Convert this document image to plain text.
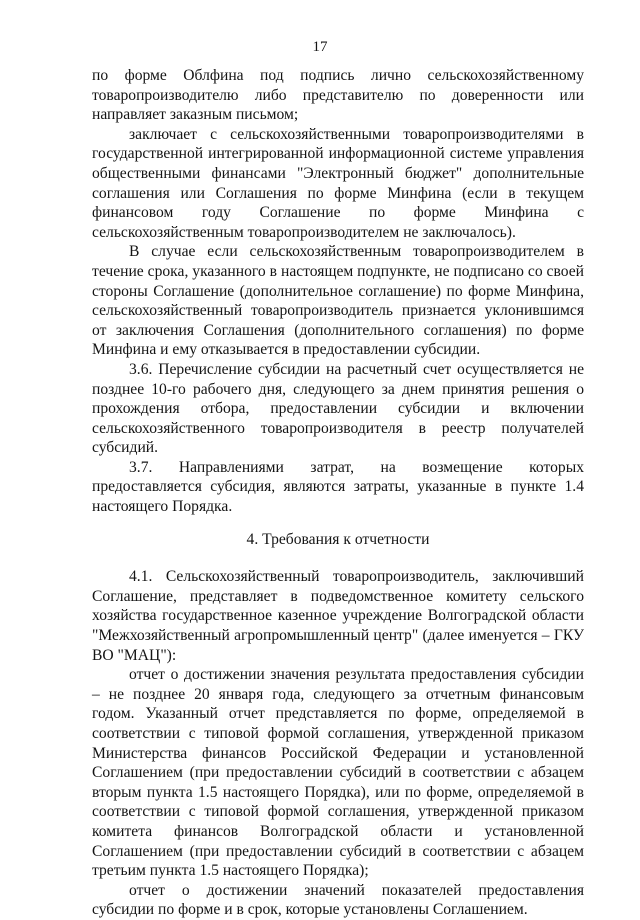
17

по форме Облфина под подпись лично сельскохозяйственному товаропроизводителю либо представителю по доверенности или направляет заказным письмом;

заключает с сельскохозяйственными товаропроизводителями в государственной интегрированной информационной системе управления общественными финансами "Электронный бюджет" дополнительные соглашения или Соглашения по форме Минфина (если в текущем финансовом году Соглашение по форме Минфина с сельскохозяйственным товаропроизводителем не заключалось).

В случае если сельскохозяйственным товаропроизводителем в течение срока, указанного в настоящем подпункте, не подписано со своей стороны Соглашение (дополнительное соглашение) по форме Минфина, сельскохозяйственный товаропроизводитель признается уклонившимся от заключения Соглашения (дополнительного соглашения) по форме Минфина и ему отказывается в предоставлении субсидии.

3.6. Перечисление субсидии на расчетный счет осуществляется не позднее 10-го рабочего дня, следующего за днем принятия решения о прохождения отбора, предоставлении субсидии и включении сельскохозяйственного товаропроизводителя в реестр получателей субсидий.

3.7. Направлениями затрат, на возмещение которых предоставляется субсидия, являются затраты, указанные в пункте 1.4 настоящего Порядка.

4. Требования к отчетности

4.1. Сельскохозяйственный товаропроизводитель, заключивший Соглашение, представляет в подведомственное комитету сельского хозяйства государственное казенное учреждение Волгоградской области "Межхозяйственный агропромышленный центр" (далее именуется – ГКУ ВО "МАЦ"):

отчет о достижении значения результата предоставления субсидии – не позднее 20 января года, следующего за отчетным финансовым годом. Указанный отчет представляется по форме, определяемой в соответствии с типовой формой соглашения, утвержденной приказом Министерства финансов Российской Федерации и установленной Соглашением (при предоставлении субсидий в соответствии с абзацем вторым пункта 1.5 настоящего Порядка), или по форме, определяемой в соответствии с типовой формой соглашения, утвержденной приказом комитета финансов Волгоградской области и установленной Соглашением (при предоставлении субсидий в соответствии с абзацем третьим пункта 1.5 настоящего Порядка);

отчет о достижении значений показателей предоставления субсидии по форме и в срок, которые установлены Соглашением.
